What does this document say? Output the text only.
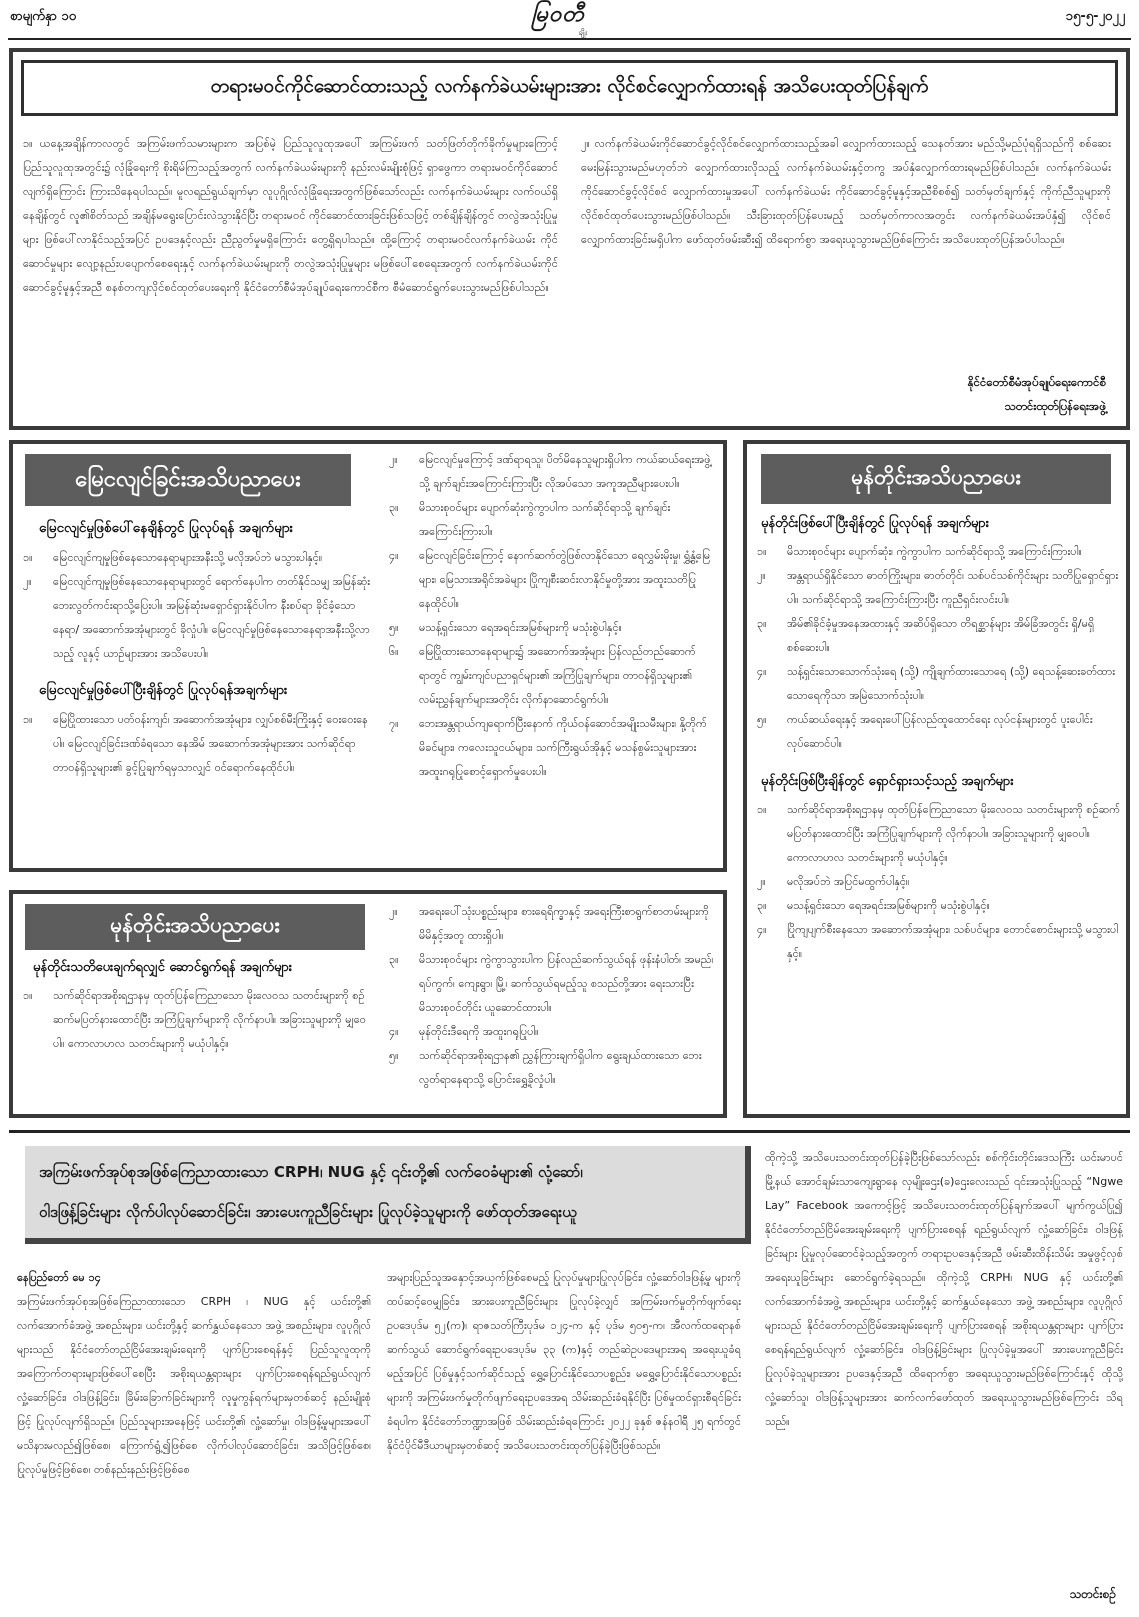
စာမျက်နှာ ၁၀	မြဝတီ
ချိုး
၁၅-၅-၂၀၂၂
တရားမဝင်ကိုင်ဆောင်ထားသည့် လက်နက်ခဲယမ်းများအား လိုင်စင်လျှောက်ထားရန် အသိပေးထုတ်ပြန်ချက်

၁။ ယနေ့အချိန်ကာလတွင် အကြမ်းဖက်သမားများက အပြစ်မဲ့ ပြည်သူလူထုအပေါ် အကြမ်းဖက် သတ်ဖြတ်တိုက်ခိုက်မှုများကြောင့် ပြည်သူလူထုအတွင်း၌ လုံခြုံရေးကို စိုးရိမ်ကြသည့်အတွက် လက်နက်ခဲယမ်းများကို နည်းလမ်းမျိုးစုံဖြင့် ရှာဖွေကာ တရားမဝင်ကိုင်ဆောင်လျက်ရှိကြောင်း ကြားသိနေရပါသည်။ မူလရည်ရွယ်ချက်မှာ လူပုဂ္ဂိုလ်လုံခြုံရေးအတွက်ဖြစ်သော်လည်း လက်နက်ခဲယမ်းများ လက်ဝယ်ရှိနေချိန်တွင် လူ၏စိတ်သည် အချိန်မရွေးပြောင်းလဲသွားနိုင်ပြီး တရားမဝင် ကိုင်ဆောင်ထားခြင်းဖြစ်သဖြင့် တစ်ချိန်ချိန်တွင် တလွဲအသုံးပြုမှုများ ဖြစ်ပေါ်လာနိုင်သည့်အပြင် ဥပဒေနှင့်လည်း ညီညွတ်မှုမရှိကြောင်း တွေ့ရှိရပါသည်။ ထို့ကြောင့် တရားမဝင်လက်နက်ခဲယမ်း ကိုင်ဆောင်မှုများ လျော့နည်းပပျောက်စေရေးနှင့် လက်နက်ခဲယမ်းများကို တလွဲအသုံးပြုမှုများ မဖြစ်ပေါ်စေရေးအတွက် လက်နက်ခဲယမ်းကိုင်ဆောင်ခွင့်မူနှင့်အညီ စနစ်တကျလိုင်စင်ထုတ်ပေးရေးကို နိုင်ငံတော်စီမံအုပ်ချုပ်ရေးကောင်စီက စီမံဆောင်ရွက်ပေးသွားမည်ဖြစ်ပါသည်။

၂။ လက်နက်ခဲယမ်းကိုင်ဆောင်ခွင့်လိုင်စင်လျှောက်ထားသည့်အခါ လျှောက်ထားသည့် သေနတ်အား မည်သို့မည်ပုံရရှိသည်ကို စစ်ဆေးမေးမြန်းသွားမည်မဟုတ်ဘဲ လျှောက်ထားလိုသည့် လက်နက်ခဲယမ်းနှင့်တကွ အပ်နှံလျှောက်ထားရမည်ဖြစ်ပါသည်။ လက်နက်ခဲယမ်း ကိုင်ဆောင်ခွင့်လိုင်စင် လျှောက်ထားမှုအပေါ် လက်နက်ခဲယမ်း ကိုင်ဆောင်ခွင့်မူနှင့်အညီစိစစ်၍ သတ်မှတ်ချက်နှင့် ကိုက်ညီသူများကို လိုင်စင်ထုတ်ပေးသွားမည်ဖြစ်ပါသည်။ သီးခြားထုတ်ပြန်ပေးမည့် သတ်မှတ်ကာလအတွင်း လက်နက်ခဲယမ်းအပ်နှံ၍ လိုင်စင်လျှောက်ထားခြင်းမရှိပါက ဖော်ထုတ်ဖမ်းဆီး၍ ထိရောက်စွာ အရေးယူသွားမည်ဖြစ်ကြောင်း အသိပေးထုတ်ပြန်အပ်ပါသည်။

နိုင်ငံတော်စီမံအုပ်ချုပ်ရေးကောင်စီ
သတင်းထုတ်ပြန်ရေးအဖွဲ့
မြေငလျင်ခြင်းအသိပညာပေး
မြေငလျင်မှုဖြစ်ပေါ်နေချိန်တွင် ပြုလုပ်ရန် အချက်များ
၁။	မြေငလျင်ကျမှုဖြစ်နေသောနေရာများအနီးသို့ မလိုအပ်ဘဲ မသွားပါနှင့်။
၂။	မြေငလျင်ကျမှုဖြစ်နေသောနေရာများတွင် ရောက်နေပါက တတ်နိုင်သမျှ အမြန်ဆုံးဘေးလွတ်ကင်းရာသို့ပြေးပါ။ အမြန်ဆုံးမရှောင်ရှားနိုင်ပါက နီးစပ်ရာ ခိုင်ခံ့သောနေရာ/ အဆောက်အအုံများတွင် ခိုလှုံပါ။ မြေငလျင်မှုဖြစ်နေသောနေရာအနီးသို့လာသည့် လူနှင့် ယာဉ်များအား အသိပေးပါ။
မြေငလျင်မှုဖြစ်ပေါ်ပြီးချိန်တွင် ပြုလုပ်ရန်အချက်များ
၁။	မြေပြိုထားသော ပတ်ဝန်းကျင်၊ အဆောက်အအုံများ၊ လျှပ်စစ်မီးကြိုးနှင့် ဝေးဝေးနေပါ။ မြေငလျင်ခြင်းဒဏ်ခံရသော နေအိမ် အဆောက်အအုံများအား သက်ဆိုင်ရာ တာဝန်ရှိသူများ၏ ခွင့်ပြုချက်ရမှသာလျှင် ဝင်ရောက်နေထိုင်ပါ။
၂။	မြေငလျင်မှုကြောင့် ဒဏ်ရာရသူ၊ ပိတ်မိနေသူများရှိပါက ကယ်ဆယ်ရေးအဖွဲ့သို့ ချက်ချင်းအကြောင်းကြားပြီး လိုအပ်သော အကူအညီများပေးပါ။
၃။	မိသားစုဝင်များ ပျောက်ဆုံးကွဲကွာပါက သက်ဆိုင်ရာသို့ ချက်ချင်း အကြောင်းကြားပါ။
၄။	မြေငလျင်ခြင်းကြောင့် နောက်ဆက်တွဲဖြစ်လာနိုင်သော ရေလွှမ်းမိုးမှု၊ ရွှံ့နွံ့မြေများ၊ မြေသားအရိုင်အခဲများ ပြိုကျစီးဆင်းလာနိုင်မှုတို့အား အထူးသတိပြုနေထိုင်ပါ။
၅။	မသန့်ရှင်းသော ရေအရင်းအမြစ်များကို မသုံးစွဲပါနှင့်။
၆။	မြေပြိုထားသောနေရာများ၌ အဆောက်အအုံများ ပြန်လည်တည်ဆောက်ရာတွင် ကျွမ်းကျင်ပညာရှင်များ၏ အကြံပြုချက်များ၊ တာဝန်ရှိသူများ၏ လမ်းညွှန်ချက်များအတိုင်း လိုက်နာဆောင်ရွက်ပါ။
၇။	ဘေးအန္တရာယ်ကျရောက်ပြီးနောက် ကိုယ်ဝန်ဆောင်အမျိုးသမီးများ၊ နို့တိုက်မိခင်များ၊ ကလေးသူငယ်များ၊ သက်ကြီးရွယ်အိုနှင့် မသန်စွမ်းသူများအား အထူးဂရုပြုစောင့်ရှောက်မှုပေးပါ။
မုန်တိုင်းအသိပညာပေး
မုန်တိုင်းဖြစ်ပေါ်ပြီးချိန်တွင် ပြုလုပ်ရန် အချက်များ
၁။	မိသားစုဝင်များ ပျောက်ဆုံး၊ ကွဲကွာပါက သက်ဆိုင်ရာသို့ အကြောင်းကြားပါ။
၂။	အန္တရာယ်ရှိနိုင်သော ဓာတ်ကြိုးများ၊ ဓာတ်တိုင်၊ သစ်ပင်သစ်ကိုင်းများ သတိပြုရှောင်ရှားပါ။ သက်ဆိုင်ရာသို့ အကြောင်းကြားပြီး ကူညီရှင်းလင်းပါ။
၃။	အိမ်၏ခိုင်ခံ့မှုအနေအထားနှင့် အဆိပ်ရှိသော တိရစ္ဆာန်များ အိမ်ခြံအတွင်း ရှိ/မရှိ စစ်ဆေးပါ။
၄။	သန့်ရှင်းသောသောက်သုံးရေ (သို့) ကျိုချက်ထားသောရေ (သို့) ရေသန့်ဆေးခတ်ထားသောရေကိုသာ အမြဲသောက်သုံးပါ။
၅။	ကယ်ဆယ်ရေးနှင့် အရေးပေါ်ပြန်လည်ထူထောင်ရေး လုပ်ငန်းများတွင် ပူးပေါင်းလုပ်ဆောင်ပါ။
မုန်တိုင်းဖြစ်ပြီးချိန်တွင် ရှောင်ရှားသင့်သည့် အချက်များ
၁။	သက်ဆိုင်ရာအစိုးရဌာနမှ ထုတ်ပြန်ကြေညာသော မိုးလေဝသ သတင်းများကို စဉ်ဆက်မပြတ်နားထောင်ပြီး အကြံပြုချက်များကို လိုက်နာပါ။ အခြားသူများကို မျှဝေပါ။ ကောလာဟလ သတင်းများကို မယုံပါနှင့်။
၂။	မလိုအပ်ဘဲ အပြင်မထွက်ပါနှင့်။
၃။	မသန့်ရှင်းသော ရေအရင်းအမြစ်များကို မသုံးစွဲပါနှင့်။
၄။	ပြိုကျပျက်စီးနေသော အဆောက်အအုံများ၊ သစ်ပင်များ၊ တောင်စောင်းများသို့ မသွားပါနှင့်။
မုန်တိုင်းအသိပညာပေး
မုန်တိုင်းသတိပေးချက်ရလျှင် ဆောင်ရွက်ရန် အချက်များ
၁။	သက်ဆိုင်ရာအစိုးရဌာနမှ ထုတ်ပြန်ကြေညာသော မိုးလေဝသ သတင်းများကို စဉ်ဆက်မပြတ်နားထောင်ပြီး အကြံပြုချက်များကို လိုက်နာပါ။ အခြားသူများကို မျှဝေပါ။ ကောလာဟလ သတင်းများကို မယုံပါနှင့်။
၂။	အရေးပေါ်သုံးပစ္စည်းများ၊ စားရေရိက္ခာနှင့် အရေးကြီးစာရွက်စာတမ်းများကို မိမိနှင့်အတူ ထားရှိပါ။
၃။	မိသားစုဝင်များ ကွဲကွာသွားပါက ပြန်လည်ဆက်သွယ်ရန် ဖုန်းနံပါတ်၊ အမည်၊ ရပ်ကွက်၊ ကျေးရွာ၊ မြို့၊ ဆက်သွယ်ရမည့်သူ စသည်တို့အား ရေးသားပြီး မိသားစုဝင်တိုင်း ယူဆောင်ထားပါ။
၄။	မုန်တိုင်းဒီရေကို အထူးဂရုပြုပါ။
၅။	သက်ဆိုင်ရာအစိုးရဌာန၏ ညွှန်ကြားချက်ရှိပါက ရွေးချယ်ထားသော ဘေးလွတ်ရာနေရာသို့ ပြောင်းရွှေ့ခိုလှုံပါ။
အကြမ်းဖက်အုပ်စုအဖြစ်ကြေညာထားသော CRPH၊ NUG နှင့် ၎င်းတို့၏ လက်ဝေခံများ၏ လုံ့ဆော်၊
ဝါဒဖြန့်ခြင်းများ လိုက်ပါလုပ်ဆောင်ခြင်း၊ အားပေးကူညီခြင်းများ ပြုလုပ်ခဲ့သူများကို ဖော်ထုတ်အရေးယူ
နေပြည်တော် မေ ၁၄

အကြမ်းဖက်အုပ်စုအဖြစ်ကြေညာထားသော CRPH ၊ NUG နှင့် ယင်းတို့၏ လက်အောက်ခံအဖွဲ့ အစည်းများ၊ ယင်းတို့နှင့် ဆက်နွှယ်နေသော အဖွဲ့ အစည်းများ၊ လူပုဂ္ဂိုလ်များသည် နိုင်ငံတော်တည်ငြိမ်အေးချမ်းရေးကို ပျက်ပြားစေရန်နှင့် ပြည်သူလူထုကို အကြောက်တရားများဖြစ်ပေါ်စေပြီး အစိုးရယန္တရားများ ပျက်ပြားစေရန်ရည်ရွယ်လျက် လှုံ့ဆော်ခြင်း၊ ဝါဒဖြန့်ခြင်း၊ ခြိမ်းခြောက်ခြင်းများကို လူမှုကွန်ရက်များမှတစ်ဆင့် နည်းမျိုးစုံဖြင့် ပြုလုပ်လျက်ရှိသည်။ ပြည်သူများအနေဖြင့် ယင်းတို့၏ လှုံ့ဆော်မှု၊ ဝါဒဖြန့်မှုများအပေါ် မသိနားမလည်၍ဖြစ်စေ၊ ကြောက်ရွံ့၍ဖြစ်စေ လိုက်ပါလုပ်ဆောင်ခြင်း၊ အသိဖြင့်ဖြစ်စေ၊ ပြုလုပ်မှုဖြင့်ဖြစ်စေ၊ တစ်နည်းနည်းဖြင့်ဖြစ်စေ

အများပြည်သူအနှောင့်အယှက်ဖြစ်စေမည့် ပြုလုပ်မှုများပြုလုပ်ခြင်း၊ လှုံ့ဆော်ဝါဒဖြန့်မှု များကို ထပ်ဆင့်ဝေမျှခြင်း၊ အားပေးကူညီခြင်းများ ပြုလုပ်ခဲ့လျှင် အကြမ်းဖက်မှုတိုက်ဖျက်ရေး ဥပဒေပုဒ်မ ၅၂(က)၊ ရာဇသတ်ကြီးပုဒ်မ ၁၂၄-က နှင့် ပုဒ်မ ၅၀၅-က၊ အီလက်ထရောနစ်ဆက်သွယ် ဆောင်ရွက်ရေးဥပဒေပုဒ်မ ၃၃ (က)နှင့် တည်ဆဲဥပဒေများအရ အရေးယူခံရမည့်အပြင် ပြစ်မှုနှင့်သက်ဆိုင်သည့် ရွှေ့ပြောင်းနိုင်သောပစ္စည်း၊ မရွှေ့ပြောင်းနိုင်သောပစ္စည်းများကို အကြမ်းဖက်မှုတိုက်ဖျက်ရေးဥပဒေအရ သိမ်းဆည်းခံရနိုင်ပြီး ပြစ်မှုထင်ရှားစီရင်ခြင်းခံရပါက နိုင်ငံတော်ဘဏ္ဍာအဖြစ် သိမ်းဆည်းခံရကြောင်း ၂၀၂၂ ခုနှစ် ဇန်နဝါရီ ၂၅ ရက်တွင် နိုင်ငံပိုင်မီဒီယာများမှတစ်ဆင့် အသိပေးသတင်းထုတ်ပြန်ခဲ့ပြီးဖြစ်သည်။

ထိုကဲ့သို့ အသိပေးသတင်းထုတ်ပြန်ခဲ့ပြီးဖြစ်သော်လည်း စစ်ကိုင်းတိုင်းဒေသကြီး ယင်းမာပင်မြို့နယ် အောင်ချမ်းသာကျေးရွာနေ လှမျိုးဌေး(ခ)ဌေးလေးသည် ၎င်းအသုံးပြုသည့် “Ngwe Lay” Facebook အကောင့်ဖြင့် အသိပေးသတင်းထုတ်ပြန်ချက်အပေါ် မျက်ကွယ်ပြု၍ နိုင်ငံတော်တည်ငြိမ်အေးချမ်းရေးကို ပျက်ပြားစေရန် ရည်ရွယ်လျက် လှုံ့ဆော်ခြင်း၊ ဝါဒဖြန့်ခြင်းများ ပြုမှုလုပ်ဆောင်ခဲ့သည့်အတွက် တရားဥပဒေနှင့်အညီ ဖမ်းဆီးထိန်းသိမ်း အမှုဖွင့်လှစ်အရေးယူခြင်းများ ဆောင်ရွက်ခဲ့ရသည်။ ထိုကဲ့သို့ CRPH၊ NUG နှင့် ယင်းတို့၏ လက်အောက်ခံအဖွဲ့ အစည်းများ၊ ယင်းတို့နှင့် ဆက်နွှယ်နေသော အဖွဲ့ အစည်းများ၊ လူပုဂ္ဂိုလ်များသည် နိုင်ငံတော်တည်ငြိမ်အေးချမ်းရေးကို ပျက်ပြားစေရန် အစိုးရယန္တရားများ ပျက်ပြားစေရန်ရည်ရွယ်လျက် လှုံ့ဆော်ခြင်း၊ ဝါဒဖြန့်ခြင်းများ ပြုလုပ်ခဲ့မှုအပေါ် အားပေးကူညီခြင်းပြုလုပ်ခဲ့သူများအား ဥပဒေနှင့်အညီ ထိရောက်စွာ အရေးယူသွားမည်ဖြစ်ကြောင်းနှင့် ထိုသို့လှုံ့ဆော်သူ၊ ဝါဒဖြန့်သူများအား ဆက်လက်ဖော်ထုတ် အရေးယူသွားမည်ဖြစ်ကြောင်း သိရသည်။

သတင်းစဉ်
